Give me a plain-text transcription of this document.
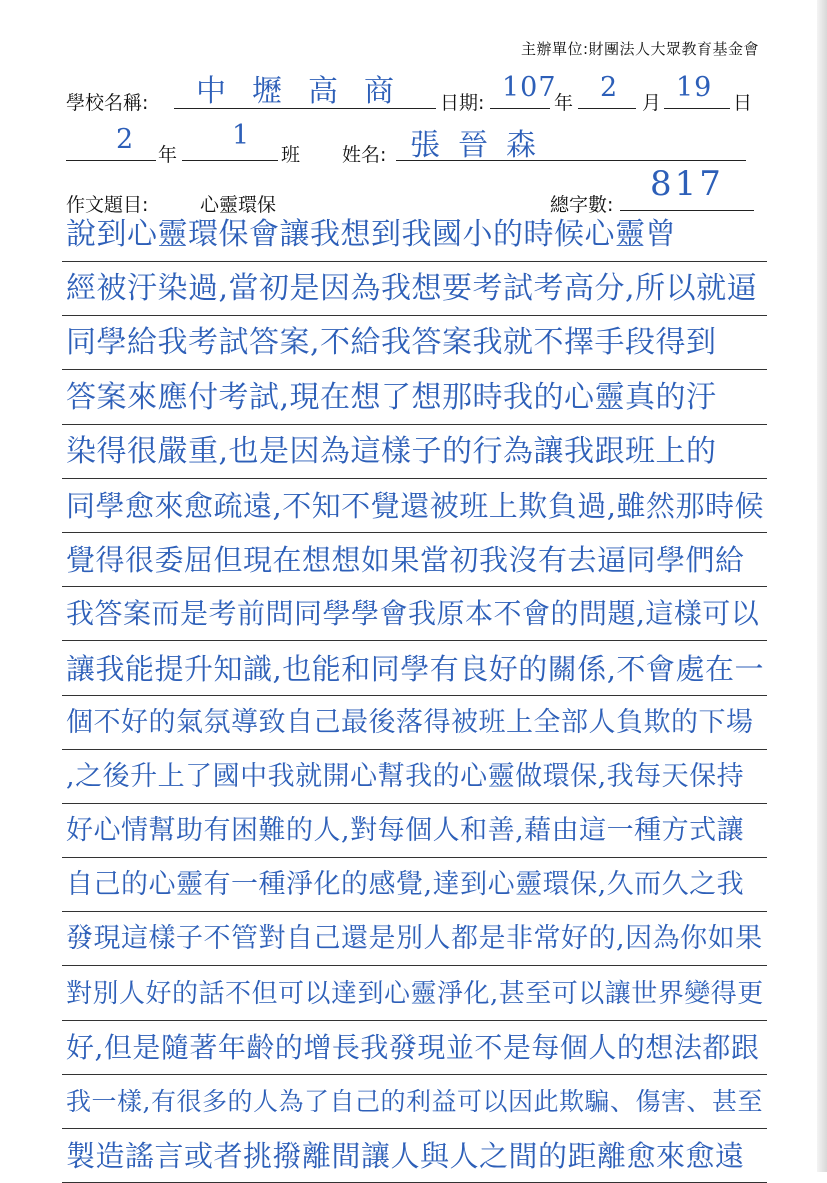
主辦單位:財團法人大眾教育基金會
學校名稱: 中壢高商 日期: 107
年 2 月 19 日
2 年
1
班 姓名: 張晉森
作文題目:	心靈環保	總字數:
817
說到心靈環保會讓我想到我國小的時候心靈曾
經被汙染過,當初是因為我想要考試考高分,所以就逼
同學給我考試答案,不給我答案我就不擇手段得到
答案來應付考試,現在想了想那時我的心靈真的汙
染得很嚴重,也是因為這樣子的行為讓我跟班上的
同學愈來愈疏遠,不知不覺還被班上欺負過,雖然那時候
覺得很委屈但現在想想如果當初我沒有去逼同學們給
我答案而是考前問同學學會我原本不會的問題,這樣可以
讓我能提升知識,也能和同學有良好的關係,不會處在一
個不好的氣氛導致自己最後落得被班上全部人負欺的下場
,之後升上了國中我就開心幫我的心靈做環保,我每天保持
好心情幫助有困難的人,對每個人和善,藉由這一種方式讓
自己的心靈有一種淨化的感覺,達到心靈環保,久而久之我
發現這樣子不管對自己還是別人都是非常好的,因為你如果
對別人好的話不但可以達到心靈淨化,甚至可以讓世界變得更
好,但是隨著年齡的增長我發現並不是每個人的想法都跟
我一樣,有很多的人為了自己的利益可以因此欺騙、傷害、甚至
製造謠言或者挑撥離間讓人與人之間的距離愈來愈遠
